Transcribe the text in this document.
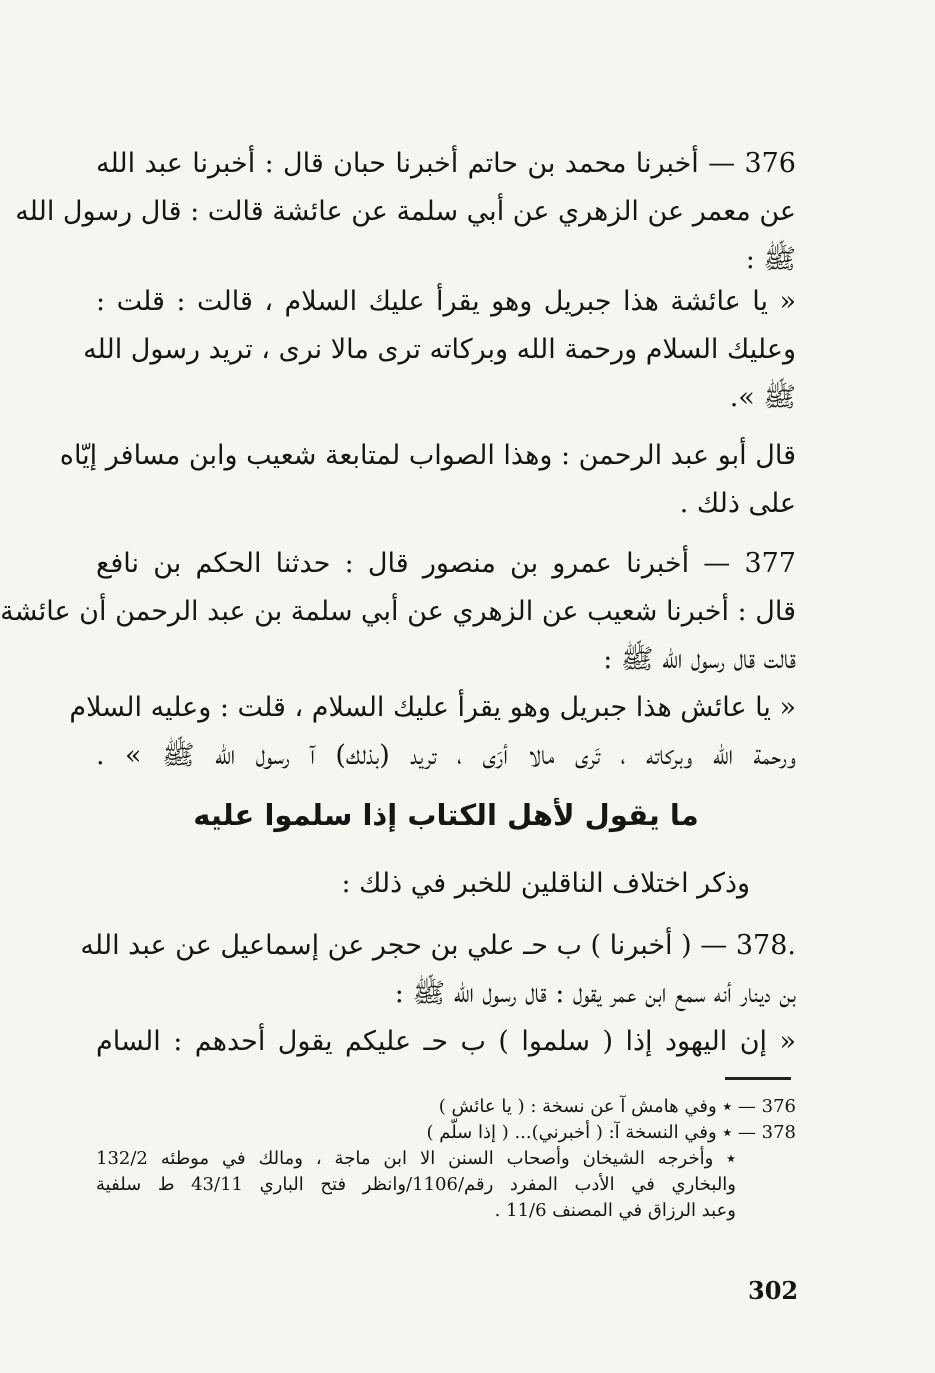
376 — أخبرنا محمد بن حاتم أخبرنا حبان قال : أخبرنا عبد الله
عن معمر عن الزهري عن أبي سلمة عن عائشة قالت : قال رسول الله
ﷺ :
« يا عائشة هذا جبريل وهو يقرأ عليك السلام ، قالت : قلت :
وعليك السلام ورحمة الله وبركاته ترى مالا نرى ، تريد رسول الله
ﷺ ».
قال أبو عبد الرحمن : وهذا الصواب لمتابعة شعيب وابن مسافر إيّاه
على ذلك .
377 — أخبرنا عمرو بن منصور قال : حدثنا الحكم بن نافع
قال : أخبرنا شعيب عن الزهري عن أبي سلمة بن عبد الرحمن أن عائشة
قالت قال رسول الله ﷺ :
« يا عائش هذا جبريل وهو يقرأ عليك السلام ، قلت : وعليه السلام
ورحمة الله وبركاته ، تَرى مالا أرَى ، تريد (بذلك) آ رسول الله ﷺ » .
ما يقول لأهل الكتاب إذا سلموا عليه
وذكر اختلاف الناقلين للخبر في ذلك :
.378 — ( أخبرنا ) ب حـ علي بن حجر عن إسماعيل عن عبد الله
بن دينار أنه سمع ابن عمر يقول : قال رسول الله ﷺ :
« إن اليهود إذا ( سلموا ) ب حـ عليكم يقول أحدهم : السام
376 — ٭ وفي هامش آ عن نسخة : ( يا عائش )
378 — ٭ وفي النسخة آ: ( أخبرني)... ( إذا سلّم )
٭ وأخرجه الشيخان وأصحاب السنن الا ابن ماجة ، ومالك في موطئه 132/2
والبخاري في الأدب المفرد رقم/1106/وانظر فتح الباري 43/11 ط سلفية
وعبد الرزاق في المصنف 11/6 .
302
